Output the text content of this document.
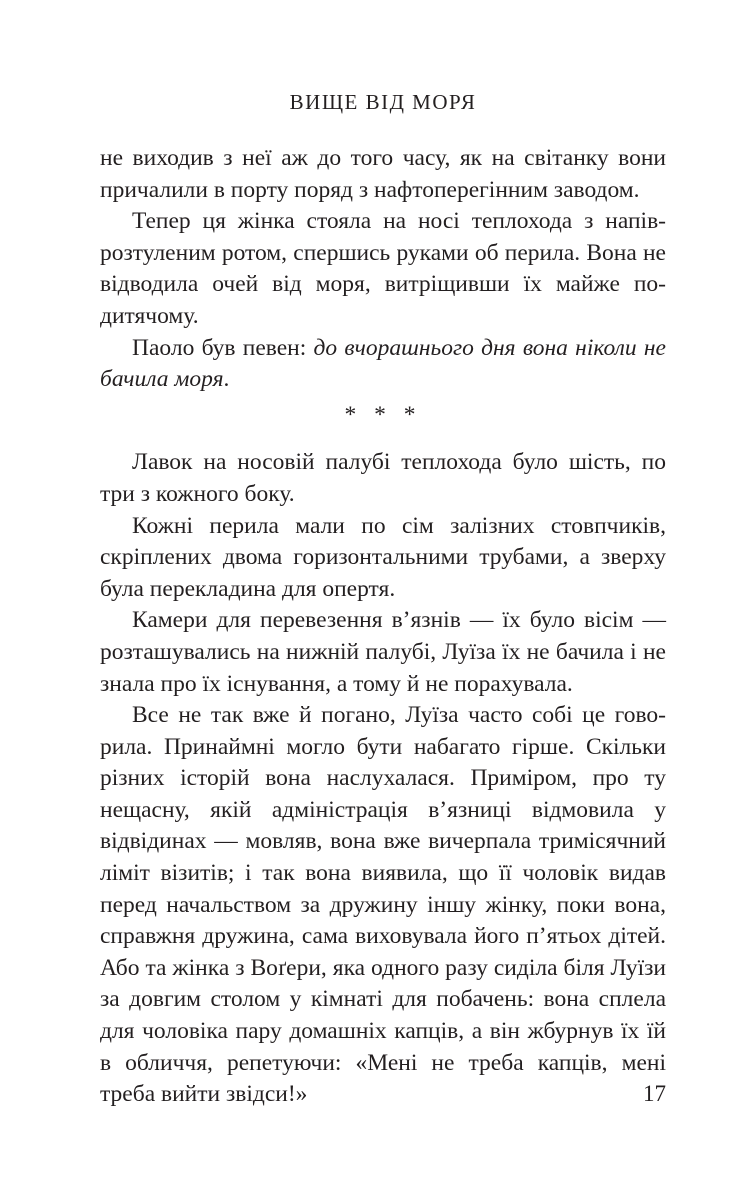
ВИЩЕ ВІД МОРЯ

не виходив з неї аж до того часу, як на світанку вони причалили в порту поряд з нафтоперегінним заводом.

Тепер ця жінка стояла на носі теплохода з напіврозтуленим ротом, спершись руками об перила. Вона не відводила очей від моря, витріщивши їх майже по-дитячому.

Паоло був певен: до вчорашнього дня вона ніколи не бачила моря.

* * *

Лавок на носовій палубі теплохода було шість, по три з кожного боку.

Кожні перила мали по сім залізних стовпчиків, скріплених двома горизонтальними трубами, а зверху була перекладина для опертя.

Камери для перевезення в’язнів — їх було вісім — розташувались на нижній палубі, Луїза їх не бачила і не знала про їх існування, а тому й не порахувала.

Все не так вже й погано, Луїза часто собі це говорила. Принаймні могло бути набагато гірше. Скільки різних історій вона наслухалася. Приміром, про ту нещасну, якій адміністрація в’язниці відмовила у відвідинах — мовляв, вона вже вичерпала тримісячний ліміт візитів; і так вона виявила, що її чоловік видав перед начальством за дружину іншу жінку, поки вона, справжня дружина, сама виховувала його п’ятьох дітей. Або та жінка з Воґери, яка одного разу сиділа біля Луїзи за довгим столом у кімнаті для побачень: вона сплела для чоловіка пару домашніх капців, а він жбурнув їх їй в обличчя, репетуючи: «Мені не треба капців, мені треба вийти звідси!»	17
